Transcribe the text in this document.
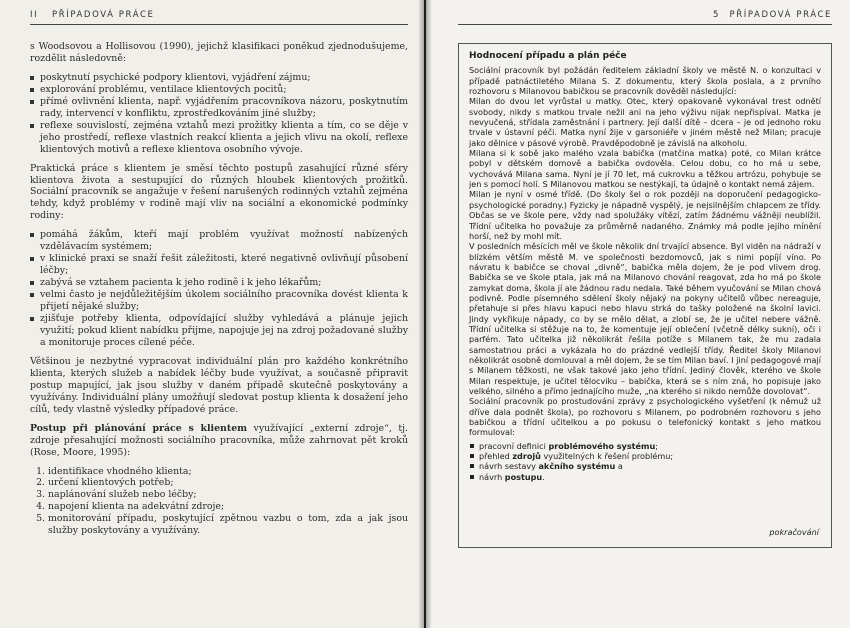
II PŘÍPADOVÁ PRÁCE

s Woodsovou a Hollisovou (1990), jejichž klasifikaci poněkud zjednodušujeme, rozdělit následovně:

poskytnutí psychické podpory klientovi, vyjádření zájmu;
explorování problému, ventilace klientových pocitů;
přímé ovlivnění klienta, např. vyjádřením pracovníkova názoru, poskytnutím rady, intervencí v konfliktu, zprostředkováním jiné služby;
reflexe souvislostí, zejména vztahů mezi prožitky klienta a tím, co se děje v jeho prostředí, reflexe vlastních reakcí klienta a jejich vlivu na okolí, reflexe klientových motivů a reflexe klientova osobního vývoje.

Praktická práce s klientem je směsí těchto postupů zasahující různé sféry klientova života a sestupující do různých hloubek klientových prožitků. Sociální pracovník se angažuje v řešení narušených rodinných vztahů zejména tehdy, když problémy v rodině mají vliv na sociální a ekonomické podmínky rodiny:

pomáhá žákům, kteří mají problém využívat možností nabízených vzdělávacím systémem;
v klinické praxi se snaží řešit záležitosti, které negativně ovlivňují působení léčby;
zabývá se vztahem pacienta k jeho rodině i k jeho lékařům;
velmi často je nejdůležitějším úkolem sociálního pracovníka dovést klienta k přijetí nějaké služby;
zjišťuje potřeby klienta, odpovídající služby vyhledává a plánuje jejich využití; pokud klient nabídku přijme, napojuje jej na zdroj požadované služby a monitoruje proces cílené péče.

Většinou je nezbytné vypracovat individuální plán pro každého konkrétního klienta, kterých služeb a nabídek léčby bude využívat, a současně připravit postup mapující, jak jsou služby v daném případě skutečně poskytovány a využívány. Individuální plány umožňují sledovat postup klienta k dosažení jeho cílů, tedy vlastně výsledky případové práce.

Postup při plánování práce s klientem využívající „externí zdroje“, tj. zdroje přesahující možnosti sociálního pracovníka, může zahrnovat pět kroků (Rose, Moore, 1995):

1. identifikace vhodného klienta;
2. určení klientových potřeb;
3. naplánování služeb nebo léčby;
4. napojení klienta na adekvátní zdroje;
5. monitorování případu, poskytující zpětnou vazbu o tom, zda a jak jsou služby poskytovány a využívány.
5 PŘÍPADOVÁ PRÁCE
Hodnocení případu a plán péče

Sociální pracovník byl požádán ředitelem základní školy ve městě N. o konzultaci v případě patnáctiletého Milana S. Z dokumentu, který škola poslala, a z prvního rozhovoru s Milanovou babičkou se pracovník dověděl následující:

Milan do dvou let vyrůstal u matky. Otec, který opakovaně vykonával trest odnětí svobody, nikdy s matkou trvale nežil ani na jeho výživu nijak nepřispíval. Matka je nevyučená, střídala zaměstnání i partnery. Její další dítě – dcera – je od jednoho roku trvale v ústavní péči. Matka nyní žije v garsoniéře v jiném městě než Milan; pracuje jako dělnice v pásové výrobě. Pravděpodobně je závislá na alkoholu.

Milana si k sobě jako malého vzala babička (matčina matka) poté, co Milan krátce pobyl v dětském domově a babička ovdověla. Celou dobu, co ho má u sebe, vychovává Milana sama. Nyní je jí 70 let, má cukrovku a těžkou artrózu, pohybuje se jen s pomocí holí. S Milanovou matkou se nestýkají, ta údajně o kontakt nemá zájem.

Milan je nyní v osmé třídě. (Do školy šel o rok později na doporučení pedagogicko-psychologické poradny.) Fyzicky je nápadně vyspělý, je nejsilnějším chlapcem ze třídy. Občas se ve škole pere, vždy nad spolužáky vítězí, zatím žádnému vážněji neublížil. Třídní učitelka ho považuje za průměrně nadaného. Známky má podle jejího mínění horší, než by mohl mít.

V posledních měsících měl ve škole několik dní trvající absence. Byl viděn na nádraží v blízkém větším městě M. ve společnosti bezdomovců, jak s nimi popíjí víno. Po návratu k babičce se choval „divně“, babička měla dojem, že je pod vlivem drog. Babička se ve škole ptala, jak má na Milanovo chování reagovat, zda ho má po škole zamykat doma, škola jí ale žádnou radu nedala. Také během vyučování se Milan chová podivně. Podle písemného sdělení školy nějaký na pokyny učitelů vůbec nereaguje, přetahuje si přes hlavu kapuci nebo hlavu strká do tašky položené na školní lavici. Jindy vykřikuje nápady, co by se mělo dělat, a zlobí se, že je učitel nebere vážně. Třídní učitelka si stěžuje na to, že komentuje její oblečení (včetně délky sukní), oči i parfém. Tato učitelka již několikrát řešila potíže s Milanem tak, že mu zadala samostatnou práci a vykázala ho do prázdné vedlejší třídy. Ředitel školy Milanovi několikrát osobně domlouval a měl dojem, že se tím Milan baví. I jiní pedagogové mají s Milanem těžkosti, ne však takové jako jeho třídní. Jediný člověk, kterého ve škole Milan respektuje, je učitel tělocviku – babička, která se s ním zná, ho popisuje jako velkého, silného a přímo jednajícího muže, „na kterého si nikdo nemůže dovolovat“.

Sociální pracovník po prostudování zprávy z psychologického vyšetření (k němuž už dříve dala podnět škola), po rozhovoru s Milanem, po podrobném rozhovoru s jeho babičkou a třídní učitelkou a po pokusu o telefonický kontakt s jeho matkou formuloval:

pracovní definici problémového systému;
přehled zdrojů využitelných k řešení problému;
návrh sestavy akčního systému a
návrh postupu.
pokračování
